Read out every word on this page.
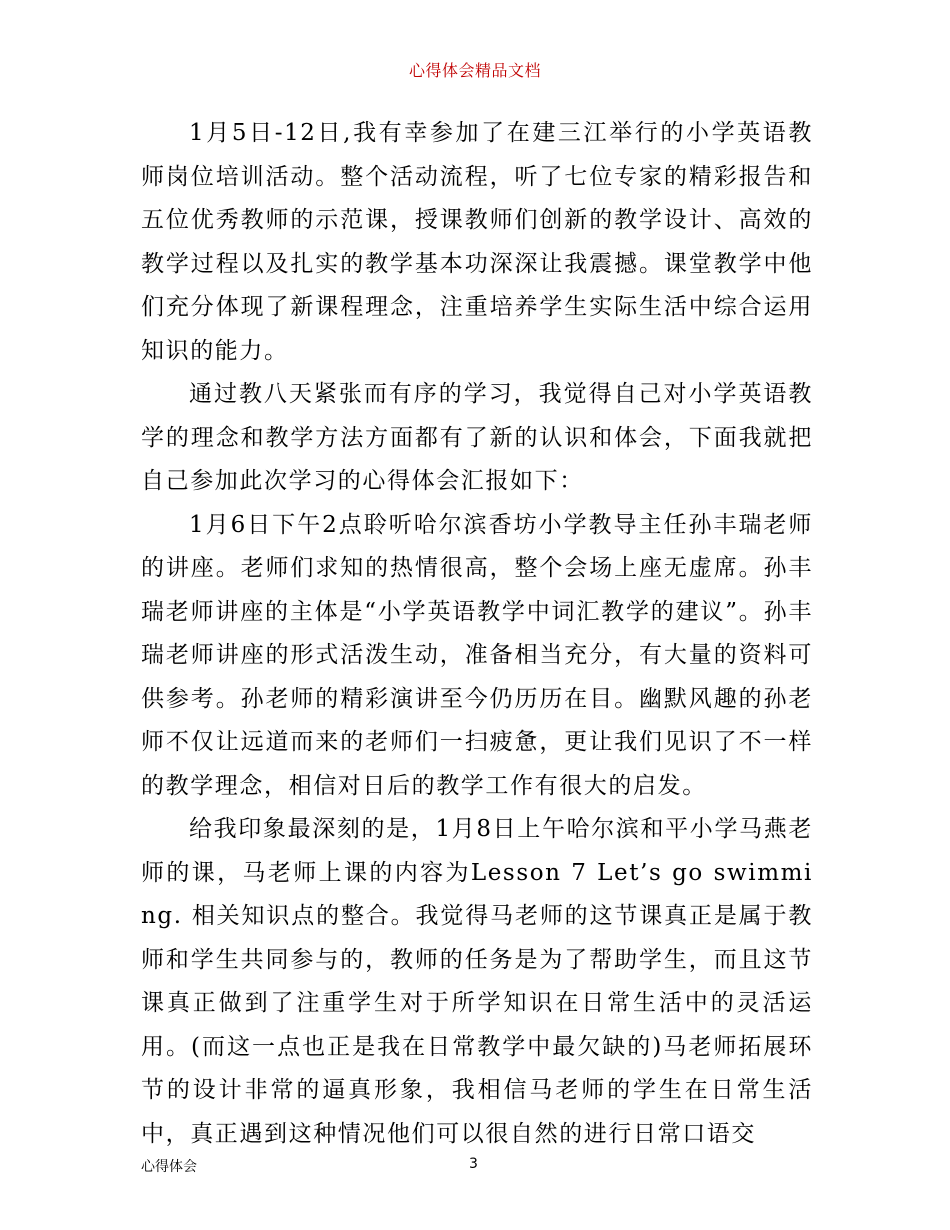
心得体会精品文档

1月5日-12日,我有幸参加了在建三江举行的小学英语教师岗位培训活动。整个活动流程，听了七位专家的精彩报告和五位优秀教师的示范课，授课教师们创新的教学设计、高效的教学过程以及扎实的教学基本功深深让我震撼。课堂教学中他们充分体现了新课程理念，注重培养学生实际生活中综合运用知识的能力。

通过教八天紧张而有序的学习，我觉得自己对小学英语教学的理念和教学方法方面都有了新的认识和体会，下面我就把自己参加此次学习的心得体会汇报如下：

1月6日下午2点聆听哈尔滨香坊小学教导主任孙丰瑞老师的讲座。老师们求知的热情很高，整个会场上座无虚席。孙丰瑞老师讲座的主体是“小学英语教学中词汇教学的建议”。孙丰瑞老师讲座的形式活泼生动，准备相当充分，有大量的资料可供参考。孙老师的精彩演讲至今仍历历在目。幽默风趣的孙老师不仅让远道而来的老师们一扫疲惫，更让我们见识了不一样的教学理念，相信对日后的教学工作有很大的启发。

给我印象最深刻的是，1月8日上午哈尔滨和平小学马燕老师的课，马老师上课的内容为Lesson 7 Let’s go swimming. 相关知识点的整合。我觉得马老师的这节课真正是属于教师和学生共同参与的，教师的任务是为了帮助学生，而且这节课真正做到了注重学生对于所学知识在日常生活中的灵活运用。(而这一点也正是我在日常教学中最欠缺的)马老师拓展环节的设计非常的逼真形象，我相信马老师的学生在日常生活中，真正遇到这种情况他们可以很自然的进行日常口语交

心得体会	3
